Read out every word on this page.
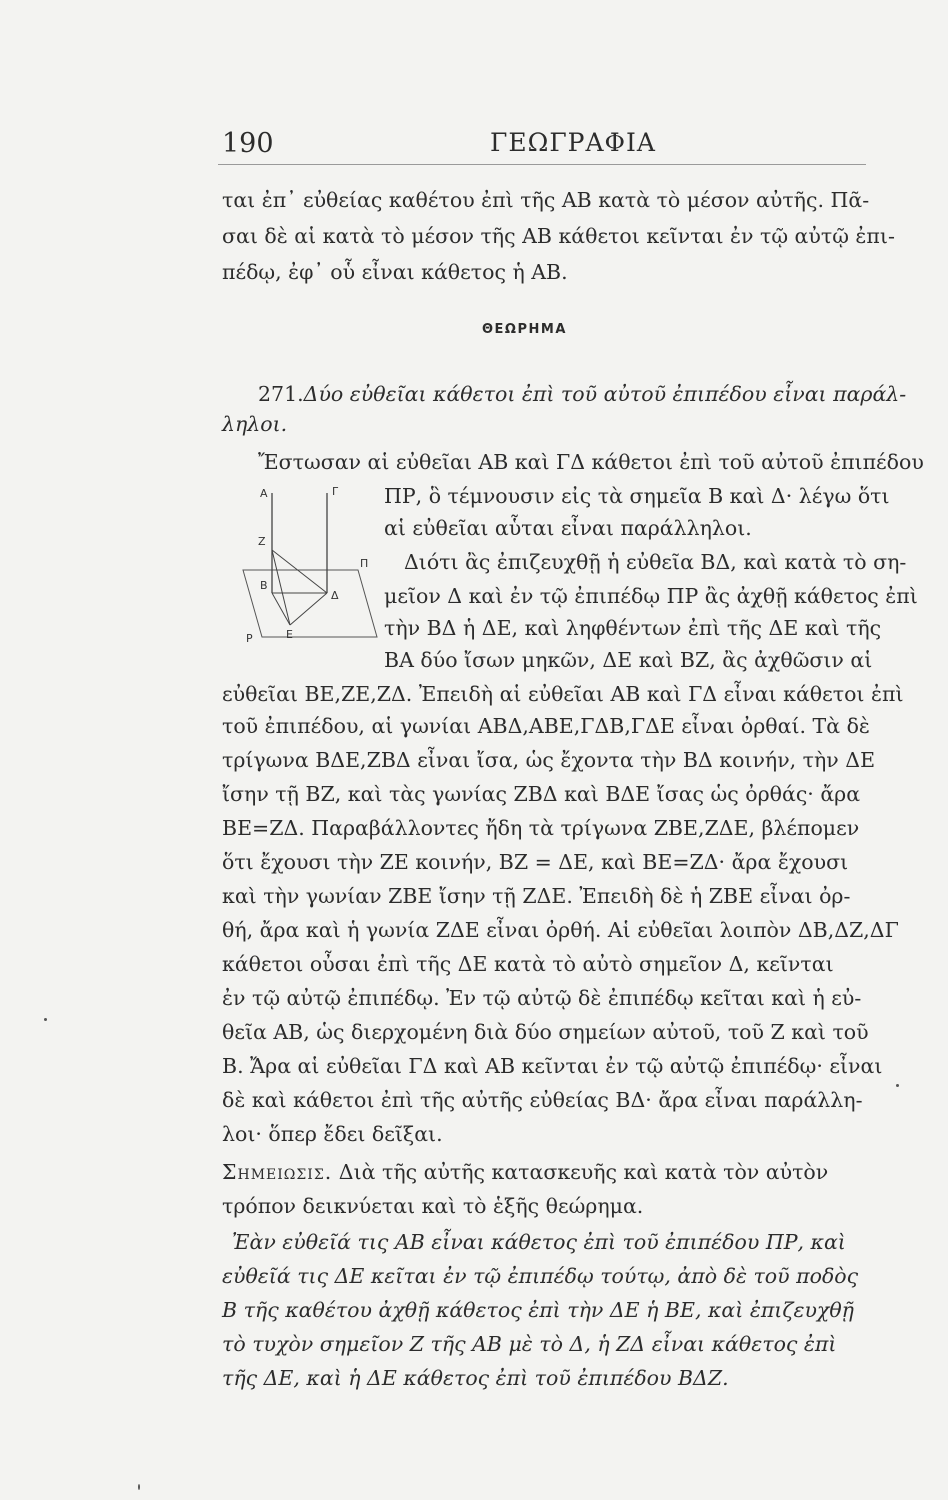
190	ΓΕΩΓΡΑΦΙΑ
ται ἐπ᾽ εὐθείας καθέτου ἐπὶ τῆς ΑΒ κατὰ τὸ μέσον αὐτῆς. Πᾶ-
σαι δὲ αἱ κατὰ τὸ μέσον τῆς ΑΒ κάθετοι κεῖνται ἐν τῷ αὐτῷ ἐπι-
πέδῳ, ἐφ᾽ οὗ εἶναι κάθετος ἡ ΑΒ.
ΘΕΩΡΗΜΑ
271.Δύο εὐθεῖαι κάθετοι ἐπὶ τοῦ αὐτοῦ ἐπιπέδου εἶναι παράλ-
ληλοι.
Ἔστωσαν αἱ εὐθεῖαι ΑΒ καὶ ΓΔ κάθετοι ἐπὶ τοῦ αὐτοῦ ἐπιπέδου
ΠΡ, ὃ τέμνουσιν εἰς τὰ σημεῖα Β καὶ Δ· λέγω ὅτι
αἱ εὐθεῖαι αὗται εἶναι παράλληλοι.
Διότι ἂς ἐπιζευχθῇ ἡ εὐθεῖα ΒΔ, καὶ κατὰ τὸ ση-
μεῖον Δ καὶ ἐν τῷ ἐπιπέδῳ ΠΡ ἂς ἀχθῇ κάθετος ἐπὶ
τὴν ΒΔ ἡ ΔΕ, καὶ ληφθέντων ἐπὶ τῆς ΔΕ καὶ τῆς
ΒΑ δύο ἴσων μηκῶν, ΔΕ καὶ ΒΖ, ἂς ἀχθῶσιν αἱ
εὐθεῖαι ΒΕ,ΖΕ,ΖΔ. Ἐπειδὴ αἱ εὐθεῖαι ΑΒ καὶ ΓΔ εἶναι κάθετοι ἐπὶ
τοῦ ἐπιπέδου, αἱ γωνίαι ΑΒΔ,ΑΒΕ,ΓΔΒ,ΓΔΕ εἶναι ὀρθαί. Τὰ δὲ
τρίγωνα ΒΔΕ,ΖΒΔ εἶναι ἴσα, ὡς ἔχοντα τὴν ΒΔ κοινήν, τὴν ΔΕ
ἴσην τῇ ΒΖ, καὶ τὰς γωνίας ΖΒΔ καὶ ΒΔΕ ἴσας ὡς ὀρθάς· ἄρα
ΒΕ=ΖΔ. Παραβάλλοντες ἤδη τὰ τρίγωνα ΖΒΕ,ΖΔΕ, βλέπομεν
ὅτι ἔχουσι τὴν ΖΕ κοινήν, ΒΖ = ΔΕ, καὶ ΒΕ=ΖΔ· ἄρα ἔχουσι
καὶ τὴν γωνίαν ΖΒΕ ἴσην τῇ ΖΔΕ. Ἐπειδὴ δὲ ἡ ΖΒΕ εἶναι ὀρ-
θή, ἄρα καὶ ἡ γωνία ΖΔΕ εἶναι ὀρθή. Αἱ εὐθεῖαι λοιπὸν ΔΒ,ΔΖ,ΔΓ
κάθετοι οὖσαι ἐπὶ τῆς ΔΕ κατὰ τὸ αὐτὸ σημεῖον Δ, κεῖνται
ἐν τῷ αὐτῷ ἐπιπέδῳ. Ἐν τῷ αὐτῷ δὲ ἐπιπέδῳ κεῖται καὶ ἡ εὐ-
θεῖα ΑΒ, ὡς διερχομένη διὰ δύο σημείων αὐτοῦ, τοῦ Ζ καὶ τοῦ
Β. Ἄρα αἱ εὐθεῖαι ΓΔ καὶ ΑΒ κεῖνται ἐν τῷ αὐτῷ ἐπιπέδῳ· εἶναι
δὲ καὶ κάθετοι ἐπὶ τῆς αὐτῆς εὐθείας ΒΔ· ἄρα εἶναι παράλλη-
λοι· ὅπερ ἔδει δεῖξαι.
Σημειωσις. Διὰ τῆς αὐτῆς κατασκευῆς καὶ κατὰ τὸν αὐτὸν
τρόπον δεικνύεται καὶ τὸ ἑξῆς θεώρημα.
Ἐὰν εὐθεῖά τις ΑΒ εἶναι κάθετος ἐπὶ τοῦ ἐπιπέδου ΠΡ, καὶ
εὐθεῖά τις ΔΕ κεῖται ἐν τῷ ἐπιπέδῳ τούτῳ, ἀπὸ δὲ τοῦ ποδὸς
Β τῆς καθέτου ἀχθῇ κάθετος ἐπὶ τὴν ΔΕ ἡ ΒΕ, καὶ ἐπιζευχθῇ
τὸ τυχὸν σημεῖον Ζ τῆς ΑΒ μὲ τὸ Δ, ἡ ΖΔ εἶναι κάθετος ἐπὶ
τῆς ΔΕ, καὶ ἡ ΔΕ κάθετος ἐπὶ τοῦ ἐπιπέδου ΒΔΖ.
Α	Γ
Ζ
Π
Β
Δ
Ρ	Ε
